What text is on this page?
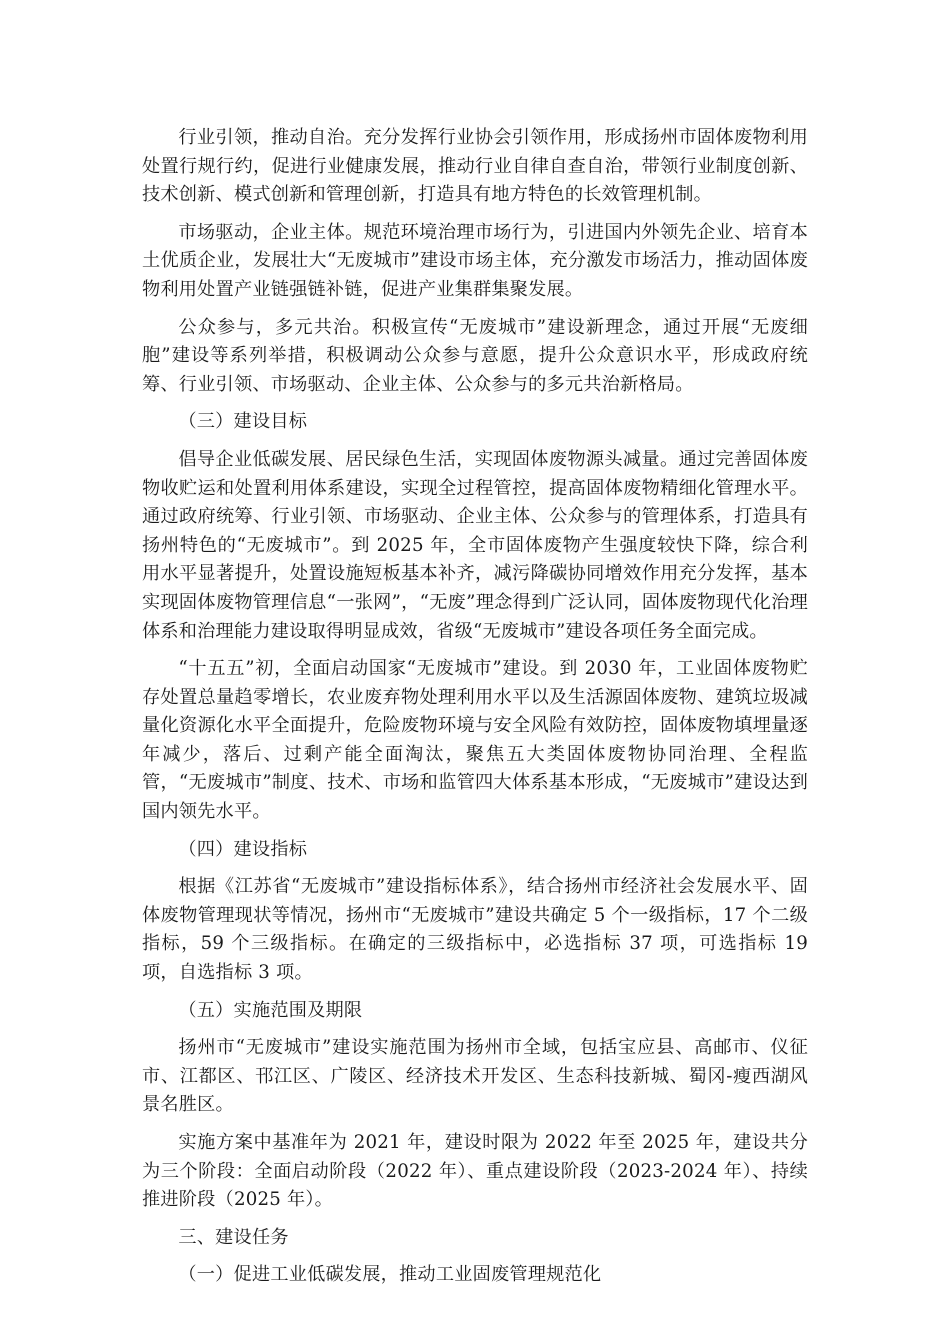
行业引领，推动自治。充分发挥行业协会引领作用，形成扬州市固体废物利用处置行规行约，促进行业健康发展，推动行业自律自查自治，带领行业制度创新、技术创新、模式创新和管理创新，打造具有地方特色的长效管理机制。

市场驱动，企业主体。规范环境治理市场行为，引进国内外领先企业、培育本土优质企业，发展壮大“无废城市”建设市场主体，充分激发市场活力，推动固体废物利用处置产业链强链补链，促进产业集群集聚发展。

公众参与，多元共治。积极宣传“无废城市”建设新理念，通过开展“无废细胞”建设等系列举措，积极调动公众参与意愿，提升公众意识水平，形成政府统筹、行业引领、市场驱动、企业主体、公众参与的多元共治新格局。

（三）建设目标

倡导企业低碳发展、居民绿色生活，实现固体废物源头减量。通过完善固体废物收贮运和处置利用体系建设，实现全过程管控，提高固体废物精细化管理水平。通过政府统筹、行业引领、市场驱动、企业主体、公众参与的管理体系，打造具有扬州特色的“无废城市”。到 2025 年，全市固体废物产生强度较快下降，综合利用水平显著提升，处置设施短板基本补齐，减污降碳协同增效作用充分发挥，基本实现固体废物管理信息“一张网”，“无废”理念得到广泛认同，固体废物现代化治理体系和治理能力建设取得明显成效，省级“无废城市”建设各项任务全面完成。

“十五五”初，全面启动国家“无废城市”建设。到 2030 年，工业固体废物贮存处置总量趋零增长，农业废弃物处理利用水平以及生活源固体废物、建筑垃圾减量化资源化水平全面提升，危险废物环境与安全风险有效防控，固体废物填埋量逐年减少，落后、过剩产能全面淘汰，聚焦五大类固体废物协同治理、全程监管，“无废城市”制度、技术、市场和监管四大体系基本形成，“无废城市”建设达到国内领先水平。

（四）建设指标

根据《江苏省“无废城市”建设指标体系》，结合扬州市经济社会发展水平、固体废物管理现状等情况，扬州市“无废城市”建设共确定 5 个一级指标，17 个二级指标，59 个三级指标。在确定的三级指标中，必选指标 37 项，可选指标 19 项，自选指标 3 项。

（五）实施范围及期限

扬州市“无废城市”建设实施范围为扬州市全域，包括宝应县、高邮市、仪征市、江都区、邗江区、广陵区、经济技术开发区、生态科技新城、蜀冈-瘦西湖风景名胜区。

实施方案中基准年为 2021 年，建设时限为 2022 年至 2025 年，建设共分为三个阶段：全面启动阶段（2022 年）、重点建设阶段（2023-2024 年）、持续推进阶段（2025 年）。

三、建设任务

（一）促进工业低碳发展，推动工业固废管理规范化
